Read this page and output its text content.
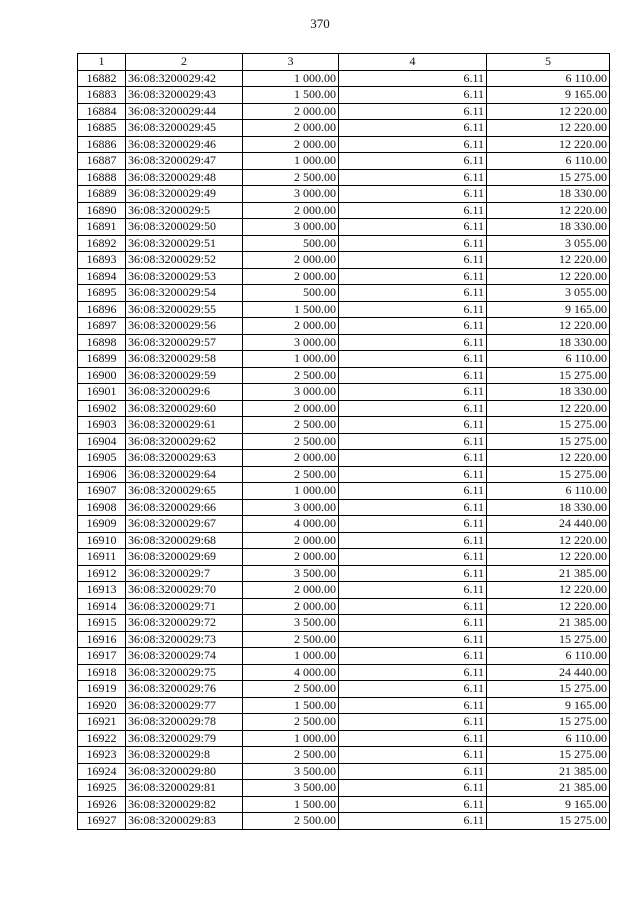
370
1	2	3	4	5
16882	36:08:3200029:42	1 000.00	6.11	6 110.00
16883	36:08:3200029:43	1 500.00	6.11	9 165.00
16884	36:08:3200029:44	2 000.00	6.11	12 220.00
16885	36:08:3200029:45	2 000.00	6.11	12 220.00
16886	36:08:3200029:46	2 000.00	6.11	12 220.00
16887	36:08:3200029:47	1 000.00	6.11	6 110.00
16888	36:08:3200029:48	2 500.00	6.11	15 275.00
16889	36:08:3200029:49	3 000.00	6.11	18 330.00
16890	36:08:3200029:5	2 000.00	6.11	12 220.00
16891	36:08:3200029:50	3 000.00	6.11	18 330.00
16892	36:08:3200029:51	500.00	6.11	3 055.00
16893	36:08:3200029:52	2 000.00	6.11	12 220.00
16894	36:08:3200029:53	2 000.00	6.11	12 220.00
16895	36:08:3200029:54	500.00	6.11	3 055.00
16896	36:08:3200029:55	1 500.00	6.11	9 165.00
16897	36:08:3200029:56	2 000.00	6.11	12 220.00
16898	36:08:3200029:57	3 000.00	6.11	18 330.00
16899	36:08:3200029:58	1 000.00	6.11	6 110.00
16900	36:08:3200029:59	2 500.00	6.11	15 275.00
16901	36:08:3200029:6	3 000.00	6.11	18 330.00
16902	36:08:3200029:60	2 000.00	6.11	12 220.00
16903	36:08:3200029:61	2 500.00	6.11	15 275.00
16904	36:08:3200029:62	2 500.00	6.11	15 275.00
16905	36:08:3200029:63	2 000.00	6.11	12 220.00
16906	36:08:3200029:64	2 500.00	6.11	15 275.00
16907	36:08:3200029:65	1 000.00	6.11	6 110.00
16908	36:08:3200029:66	3 000.00	6.11	18 330.00
16909	36:08:3200029:67	4 000.00	6.11	24 440.00
16910	36:08:3200029:68	2 000.00	6.11	12 220.00
16911	36:08:3200029:69	2 000.00	6.11	12 220.00
16912	36:08:3200029:7	3 500.00	6.11	21 385.00
16913	36:08:3200029:70	2 000.00	6.11	12 220.00
16914	36:08:3200029:71	2 000.00	6.11	12 220.00
16915	36:08:3200029:72	3 500.00	6.11	21 385.00
16916	36:08:3200029:73	2 500.00	6.11	15 275.00
16917	36:08:3200029:74	1 000.00	6.11	6 110.00
16918	36:08:3200029:75	4 000.00	6.11	24 440.00
16919	36:08:3200029:76	2 500.00	6.11	15 275.00
16920	36:08:3200029:77	1 500.00	6.11	9 165.00
16921	36:08:3200029:78	2 500.00	6.11	15 275.00
16922	36:08:3200029:79	1 000.00	6.11	6 110.00
16923	36:08:3200029:8	2 500.00	6.11	15 275.00
16924	36:08:3200029:80	3 500.00	6.11	21 385.00
16925	36:08:3200029:81	3 500.00	6.11	21 385.00
16926	36:08:3200029:82	1 500.00	6.11	9 165.00
16927	36:08:3200029:83	2 500.00	6.11	15 275.00
